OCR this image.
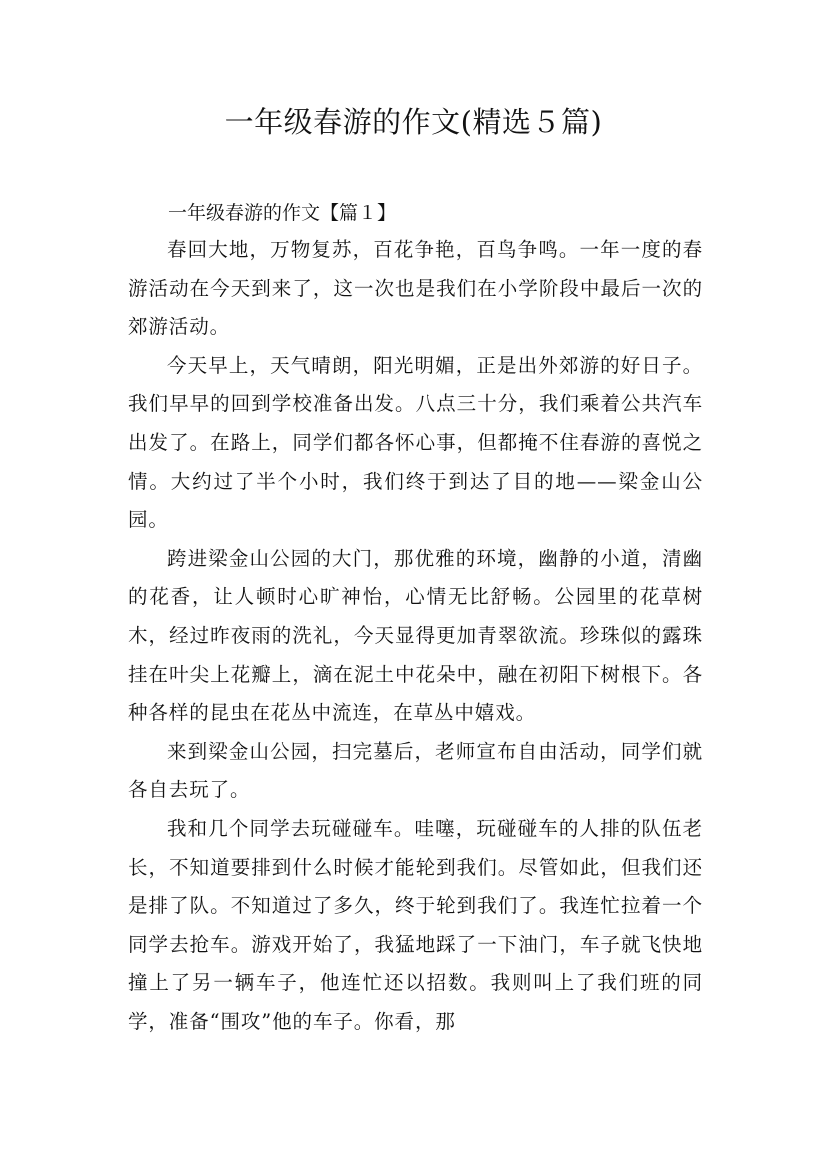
一年级春游的作文(精选５篇)
一年级春游的作文【篇１】

春回大地，万物复苏，百花争艳，百鸟争鸣。一年一度的春游活动在今天到来了，这一次也是我们在小学阶段中最后一次的郊游活动。

今天早上，天气晴朗，阳光明媚，正是出外郊游的好日子。我们早早的回到学校准备出发。八点三十分，我们乘着公共汽车出发了。在路上，同学们都各怀心事，但都掩不住春游的喜悦之情。大约过了半个小时，我们终于到达了目的地——梁金山公园。

跨进梁金山公园的大门，那优雅的环境，幽静的小道，清幽的花香，让人顿时心旷神怡，心情无比舒畅。公园里的花草树木，经过昨夜雨的洗礼，今天显得更加青翠欲流。珍珠似的露珠挂在叶尖上花瓣上，滴在泥土中花朵中，融在初阳下树根下。各种各样的昆虫在花丛中流连，在草丛中嬉戏。

来到梁金山公园，扫完墓后，老师宣布自由活动，同学们就各自去玩了。

我和几个同学去玩碰碰车。哇噻，玩碰碰车的人排的队伍老长，不知道要排到什么时候才能轮到我们。尽管如此，但我们还是排了队。不知道过了多久，终于轮到我们了。我连忙拉着一个同学去抢车。游戏开始了，我猛地踩了一下油门，车子就飞快地撞上了另一辆车子，他连忙还以招数。我则叫上了我们班的同学，准备“围攻”他的车子。你看，那
